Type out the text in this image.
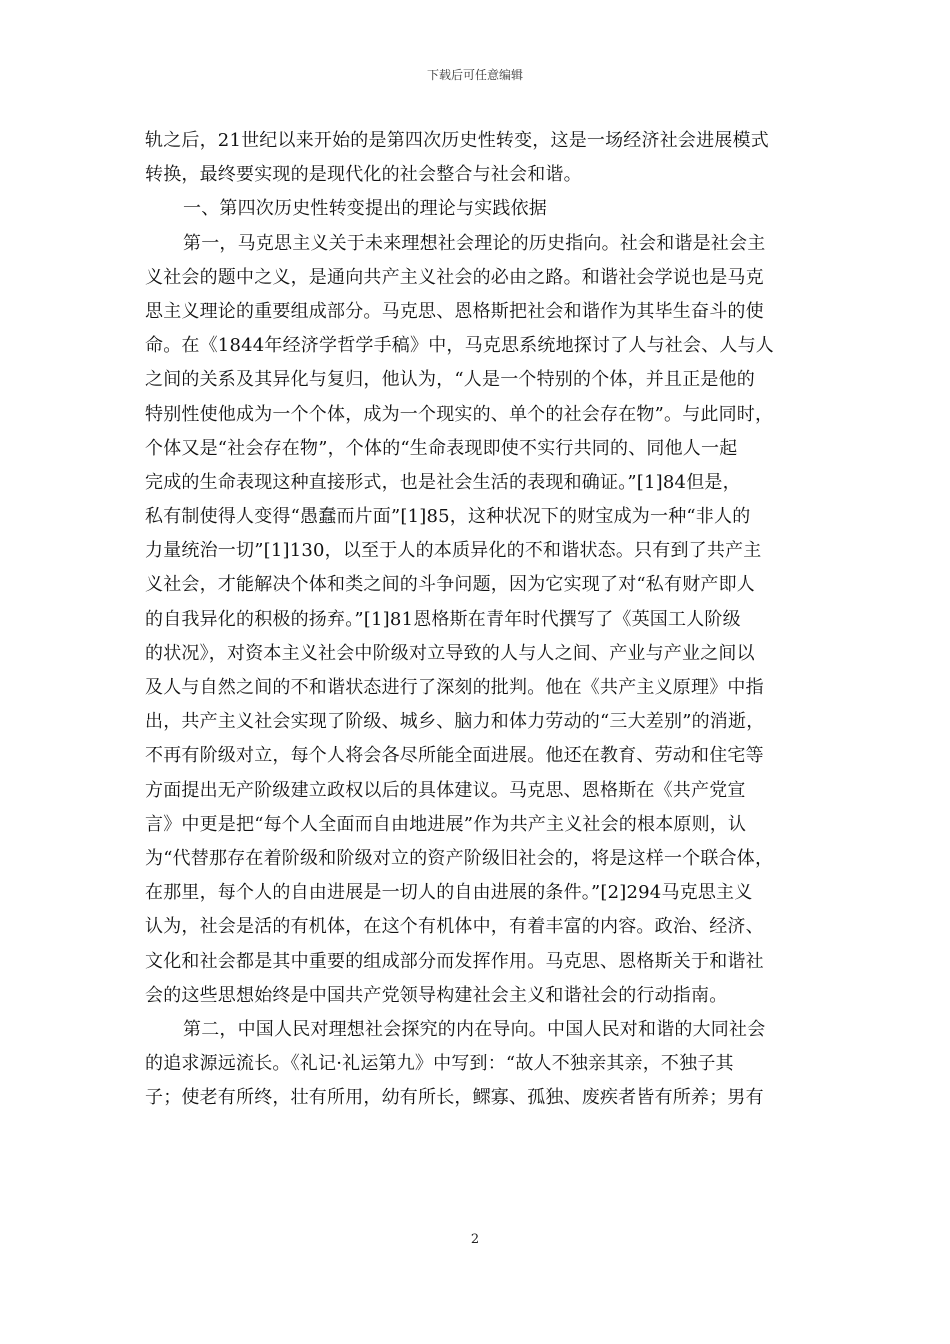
下载后可任意编辑
轨之后，21世纪以来开始的是第四次历史性转变，这是一场经济社会进展模式
转换，最终要实现的是现代化的社会整合与社会和谐。
一、第四次历史性转变提出的理论与实践依据
第一，马克思主义关于未来理想社会理论的历史指向。社会和谐是社会主
义社会的题中之义，是通向共产主义社会的必由之路。和谐社会学说也是马克
思主义理论的重要组成部分。马克思、恩格斯把社会和谐作为其毕生奋斗的使
命。在《1844年经济学哲学手稿》中，马克思系统地探讨了人与社会、人与人
之间的关系及其异化与复归，他认为，“人是一个特别的个体，并且正是他的
特别性使他成为一个个体，成为一个现实的、单个的社会存在物”。与此同时，
个体又是“社会存在物”，个体的“生命表现即使不实行共同的、同他人一起
完成的生命表现这种直接形式，也是社会生活的表现和确证。”[1]84但是，
私有制使得人变得“愚蠢而片面”[1]85，这种状况下的财宝成为一种“非人的
力量统治一切”[1]130，以至于人的本质异化的不和谐状态。只有到了共产主
义社会，才能解决个体和类之间的斗争问题，因为它实现了对“私有财产即人
的自我异化的积极的扬弃。”[1]81恩格斯在青年时代撰写了《英国工人阶级
的状况》，对资本主义社会中阶级对立导致的人与人之间、产业与产业之间以
及人与自然之间的不和谐状态进行了深刻的批判。他在《共产主义原理》中指
出，共产主义社会实现了阶级、城乡、脑力和体力劳动的“三大差别”的消逝，
不再有阶级对立，每个人将会各尽所能全面进展。他还在教育、劳动和住宅等
方面提出无产阶级建立政权以后的具体建议。马克思、恩格斯在《共产党宣
言》中更是把“每个人全面而自由地进展”作为共产主义社会的根本原则，认
为“代替那存在着阶级和阶级对立的资产阶级旧社会的，将是这样一个联合体，
在那里，每个人的自由进展是一切人的自由进展的条件。”[2]294马克思主义
认为，社会是活的有机体，在这个有机体中，有着丰富的内容。政治、经济、
文化和社会都是其中重要的组成部分而发挥作用。马克思、恩格斯关于和谐社
会的这些思想始终是中国共产党领导构建社会主义和谐社会的行动指南。
第二，中国人民对理想社会探究的内在导向。中国人民对和谐的大同社会
的追求源远流长。《礼记·礼运第九》中写到：“故人不独亲其亲，不独子其
子；使老有所终，壮有所用，幼有所长，鳏寡、孤独、废疾者皆有所养；男有
2
